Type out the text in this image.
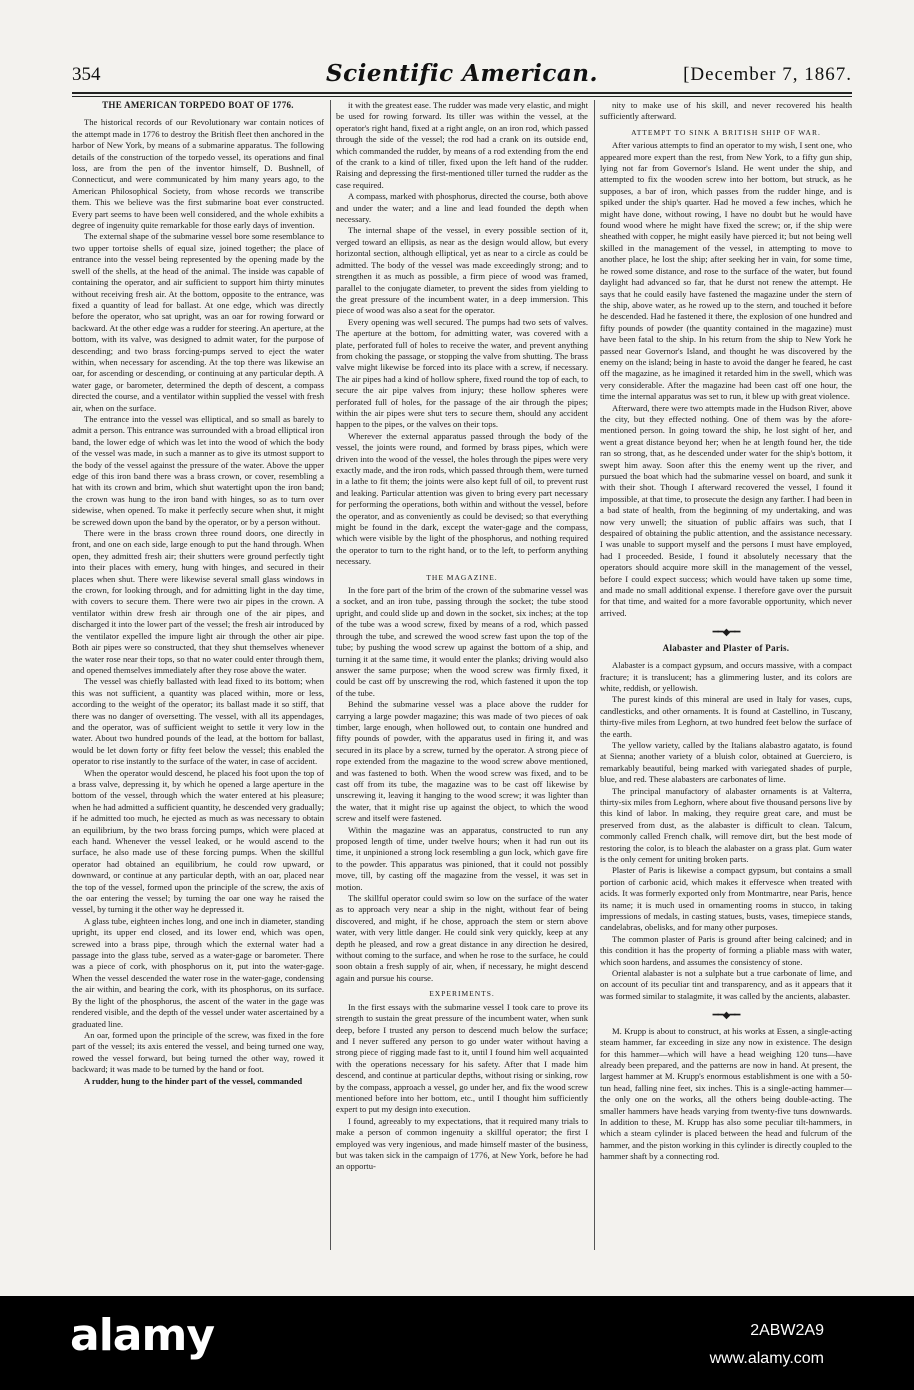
354	Scientific American.	[December 7, 1867.
THE AMERICAN TORPEDO BOAT OF 1776.

The historical records of our Revolutionary war contain notices of the attempt made in 1776 to destroy the British fleet then anchored in the harbor of New York, by means of a submarine apparatus. The following details of the construction of the torpedo vessel, its operations and final loss, are from the pen of the inventor himself, D. Bushnell, of Connecticut, and were communicated by him many years ago, to the American Philosophical Society, from whose records we transcribe them. This we believe was the first submarine boat ever constructed. Every part seems to have been well considered, and the whole exhibits a degree of ingenuity quite remarkable for those early days of invention.

The external shape of the submarine vessel bore some resemblance to two upper tortoise shells of equal size, joined together; the place of entrance into the vessel being represented by the opening made by the swell of the shells, at the head of the animal. The inside was capable of containing the operator, and air sufficient to support him thirty minutes without receiving fresh air. At the bottom, opposite to the entrance, was fixed a quantity of lead for ballast. At one edge, which was directly before the operator, who sat upright, was an oar for rowing forward or backward. At the other edge was a rudder for steering. An aperture, at the bottom, with its valve, was designed to admit water, for the purpose of descending; and two brass forcing-pumps served to eject the water within, when necessary for ascending. At the top there was likewise an oar, for ascending or descending, or continuing at any particular depth. A water gage, or barometer, determined the depth of descent, a compass directed the course, and a ventilator within supplied the vessel with fresh air, when on the surface.

The entrance into the vessel was elliptical, and so small as barely to admit a person. This entrance was surrounded with a broad elliptical iron band, the lower edge of which was let into the wood of which the body of the vessel was made, in such a manner as to give its utmost support to the body of the vessel against the pressure of the water. Above the upper edge of this iron band there was a brass crown, or cover, resembling a hat with its crown and brim, which shut watertight upon the iron band; the crown was hung to the iron band with hinges, so as to turn over sidewise, when opened. To make it perfectly secure when shut, it might be screwed down upon the band by the operator, or by a person without.

There were in the brass crown three round doors, one directly in front, and one on each side, large enough to put the hand through. When open, they admitted fresh air; their shutters were ground perfectly tight into their places with emery, hung with hinges, and secured in their places when shut. There were likewise several small glass windows in the crown, for looking through, and for admitting light in the day time, with covers to secure them. There were two air pipes in the crown. A ventilator within drew fresh air through one of the air pipes, and discharged it into the lower part of the vessel; the fresh air introduced by the ventilator expelled the impure light air through the other air pipe. Both air pipes were so constructed, that they shut themselves whenever the water rose near their tops, so that no water could enter through them, and opened themselves immediately after they rose above the water.

The vessel was chiefly ballasted with lead fixed to its bottom; when this was not sufficient, a quantity was placed within, more or less, according to the weight of the operator; its ballast made it so stiff, that there was no danger of oversetting. The vessel, with all its appendages, and the operator, was of sufficient weight to settle it very low in the water. About two hundred pounds of the lead, at the bottom for ballast, would be let down forty or fifty feet below the vessel; this enabled the operator to rise instantly to the surface of the water, in case of accident.

When the operator would descend, he placed his foot upon the top of a brass valve, depressing it, by which he opened a large aperture in the bottom of the vessel, through which the water entered at his pleasure; when he had admitted a sufficient quantity, he descended very gradually; if he admitted too much, he ejected as much as was necessary to obtain an equilibrium, by the two brass forcing pumps, which were placed at each hand. Whenever the vessel leaked, or he would ascend to the surface, he also made use of these forcing pumps. When the skillful operator had obtained an equilibrium, he could row upward, or downward, or continue at any particular depth, with an oar, placed near the top of the vessel, formed upon the principle of the screw, the axis of the oar entering the vessel; by turning the oar one way he raised the vessel, by turning it the other way he depressed it.

A glass tube, eighteen inches long, and one inch in diameter, standing upright, its upper end closed, and its lower end, which was open, screwed into a brass pipe, through which the external water had a passage into the glass tube, served as a water-gage or barometer. There was a piece of cork, with phosphorus on it, put into the water-gage. When the vessel descended the water rose in the water-gage, condensing the air within, and bearing the cork, with its phosphorus, on its surface. By the light of the phosphorus, the ascent of the water in the gage was rendered visible, and the depth of the vessel under water ascertained by a graduated line.

An oar, formed upon the principle of the screw, was fixed in the fore part of the vessel; its axis entered the vessel, and being turned one way, rowed the vessel forward, but being turned the other way, rowed it backward; it was made to be turned by the hand or foot.

A rudder, hung to the hinder part of the vessel, commanded

it with the greatest ease. The rudder was made very elastic, and might be used for rowing forward. Its tiller was within the vessel, at the operator's right hand, fixed at a right angle, on an iron rod, which passed through the side of the vessel; the rod had a crank on its outside end, which commanded the rudder, by means of a rod extending from the end of the crank to a kind of tiller, fixed upon the left hand of the rudder. Raising and depressing the first-mentioned tiller turned the rudder as the case required.

A compass, marked with phosphorus, directed the course, both above and under the water; and a line and lead founded the depth when necessary.

The internal shape of the vessel, in every possible section of it, verged toward an ellipsis, as near as the design would allow, but every horizontal section, although elliptical, yet as near to a circle as could be admitted. The body of the vessel was made exceedingly strong; and to strengthen it as much as possible, a firm piece of wood was framed, parallel to the conjugate diameter, to prevent the sides from yielding to the great pressure of the incumbent water, in a deep immersion. This piece of wood was also a seat for the operator.

Every opening was well secured. The pumps had two sets of valves. The aperture at the bottom, for admitting water, was covered with a plate, perforated full of holes to receive the water, and prevent anything from choking the passage, or stopping the valve from shutting. The brass valve might likewise be forced into its place with a screw, if necessary. The air pipes had a kind of hollow sphere, fixed round the top of each, to secure the air pipe valves from injury; these hollow spheres were perforated full of holes, for the passage of the air through the pipes; within the air pipes were shut ters to secure them, should any accident happen to the pipes, or the valves on their tops.

Wherever the external apparatus passed through the body of the vessel, the joints were round, and formed by brass pipes, which were driven into the wood of the vessel, the holes through the pipes were very exactly made, and the iron rods, which passed through them, were turned in a lathe to fit them; the joints were also kept full of oil, to prevent rust and leaking. Particular attention was given to bring every part necessary for performing the operations, both within and without the vessel, before the operator, and as conveniently as could be devised; so that everything might be found in the dark, except the water-gage and the compass, which were visible by the light of the phosphorus, and nothing required the operator to turn to the right hand, or to the left, to perform anything necessary.

THE MAGAZINE.

In the fore part of the brim of the crown of the submarine vessel was a socket, and an iron tube, passing through the socket; the tube stood upright, and could slide up and down in the socket, six inches; at the top of the tube was a wood screw, fixed by means of a rod, which passed through the tube, and screwed the wood screw fast upon the top of the tube; by pushing the wood screw up against the bottom of a ship, and turning it at the same time, it would enter the planks; driving would also answer the same purpose; when the wood screw was firmly fixed, it could be cast off by unscrewing the rod, which fastened it upon the top of the tube.

Behind the submarine vessel was a place above the rudder for carrying a large powder magazine; this was made of two pieces of oak timber, large enough, when hollowed out, to contain one hundred and fifty pounds of powder, with the apparatus used in firing it, and was secured in its place by a screw, turned by the operator. A strong piece of rope extended from the magazine to the wood screw above mentioned, and was fastened to both. When the wood screw was fixed, and to be cast off from its tube, the magazine was to be cast off likewise by unscrewing it, leaving it hanging to the wood screw; it was lighter than the water, that it might rise up against the object, to which the wood screw and itself were fastened.

Within the magazine was an apparatus, constructed to run any proposed length of time, under twelve hours; when it had run out its time, it unpinioned a strong lock resembling a gun lock, which gave fire to the powder. This apparatus was pinioned, that it could not possibly move, till, by casting off the magazine from the vessel, it was set in motion.

The skillful operator could swim so low on the surface of the water as to approach very near a ship in the night, without fear of being discovered, and might, if he chose, approach the stem or stern above water, with very little danger. He could sink very quickly, keep at any depth he pleased, and row a great distance in any direction he desired, without coming to the surface, and when he rose to the surface, he could soon obtain a fresh supply of air, when, if necessary, he might descend again and pursue his course.

EXPERIMENTS.

In the first essays with the submarine vessel I took care to prove its strength to sustain the great pressure of the incumbent water, when sunk deep, before I trusted any person to descend much below the surface; and I never suffered any person to go under water without having a strong piece of rigging made fast to it, until I found him well acquainted with the operations necessary for his safety. After that I made him descend, and continue at particular depths, without rising or sinking, row by the compass, approach a vessel, go under her, and fix the wood screw mentioned before into her bottom, etc., until I thought him sufficiently expert to put my design into execution.

I found, agreeably to my expectations, that it required many trials to make a person of common ingenuity a skillful operator; the first I employed was very ingenious, and made himself master of the business, but was taken sick in the campaign of 1776, at New York, before he had an opportu-

nity to make use of his skill, and never recovered his health sufficiently afterward.

ATTEMPT TO SINK A BRITISH SHIP OF WAR.

After various attempts to find an operator to my wish, I sent one, who appeared more expert than the rest, from New York, to a fifty gun ship, lying not far from Governor's Island. He went under the ship, and attempted to fix the wooden screw into her bottom, but struck, as he supposes, a bar of iron, which passes from the rudder hinge, and is spiked under the ship's quarter. Had he moved a few inches, which he might have done, without rowing, I have no doubt but he would have found wood where he might have fixed the screw; or, if the ship were sheathed with copper, he might easily have pierced it; but not being well skilled in the management of the vessel, in attempting to move to another place, he lost the ship; after seeking her in vain, for some time, he rowed some distance, and rose to the surface of the water, but found daylight had advanced so far, that he durst not renew the attempt. He says that he could easily have fastened the magazine under the stern of the ship, above water, as he rowed up to the stern, and touched it before he descended. Had he fastened it there, the explosion of one hundred and fifty pounds of powder (the quantity contained in the magazine) must have been fatal to the ship. In his return from the ship to New York he passed near Governor's Island, and thought he was discovered by the enemy on the island; being in haste to avoid the danger he feared, he cast off the magazine, as he imagined it retarded him in the swell, which was very considerable. After the magazine had been cast off one hour, the time the internal apparatus was set to run, it blew up with great violence.

Afterward, there were two attempts made in the Hudson River, above the city, but they effected nothing. One of them was by the afore-mentioned person. In going toward the ship, he lost sight of her, and went a great distance beyond her; when he at length found her, the tide ran so strong, that, as he descended under water for the ship's bottom, it swept him away. Soon after this the enemy went up the river, and pursued the boat which had the submarine vessel on board, and sunk it with their shot. Though I afterward recovered the vessel, I found it impossible, at that time, to prosecute the design any farther. I had been in a bad state of health, from the beginning of my undertaking, and was now very unwell; the situation of public affairs was such, that I despaired of obtaining the public attention, and the assistance necessary. I was unable to support myself and the persons I must have employed, had I proceeded. Beside, I found it absolutely necessary that the operators should acquire more skill in the management of the vessel, before I could expect success; which would have taken up some time, and made no small additional expense. I therefore gave over the pursuit for that time, and waited for a more favorable opportunity, which never arrived.

━━◆━━
Alabaster and Plaster of Paris.

Alabaster is a compact gypsum, and occurs massive, with a compact fracture; it is translucent; has a glimmering luster, and its colors are white, reddish, or yellowish.

The purest kinds of this mineral are used in Italy for vases, cups, candlesticks, and other ornaments. It is found at Castellino, in Tuscany, thirty-five miles from Leghorn, at two hundred feet below the surface of the earth.

The yellow variety, called by the Italians alabastro agatato, is found at Sienna; another variety of a bluish color, obtained at Guerciето, is remarkably beautiful, being marked with variegated shades of purple, blue, and red. These alabasters are carbonates of lime.

The principal manufactory of alabaster ornaments is at Valterra, thirty-six miles from Leghorn, where about five thousand persons live by this kind of labor. In making, they require great care, and must be preserved from dust, as the alabaster is difficult to clean. Talcum, commonly called French chalk, will remove dirt, but the best mode of restoring the color, is to bleach the alabaster on a grass plat. Gum water is the only cement for uniting broken parts.

Plaster of Paris is likewise a compact gypsum, but contains a small portion of carbonic acid, which makes it effervesce when treated with acids. It was formerly exported only from Montmartre, near Paris, hence its name; it is much used in ornamenting rooms in stucco, in taking impressions of medals, in casting statues, busts, vases, timepiece stands, candelabras, obelisks, and for many other purposes.

The common plaster of Paris is ground after being calcined; and in this condition it has the property of forming a pliable mass with water, which soon hardens, and assumes the consistency of stone.

Oriental alabaster is not a sulphate but a true carbonate of lime, and on account of its peculiar tint and transparency, and as it appears that it was formed similar to stalagmite, it was called by the ancients, alabaster.

━━◆━━

M. Krupp is about to construct, at his works at Essen, a single-acting steam hammer, far exceeding in size any now in existence. The design for this hammer—which will have a head weighing 120 tuns—have already been prepared, and the patterns are now in hand. At present, the largest hammer at M. Krupp's enormous establishment is one with a 50-tun head, falling nine feet, six inches. This is a single-acting hammer—the only one on the works, all the others being double-acting. The smaller hammers have heads varying from twenty-five tuns downwards. In addition to these, M. Krupp has also some peculiar tilt-hammers, in which a steam cylinder is placed between the head and fulcrum of the hammer, and the piston working in this cylinder is directly coupled to the hammer shaft by a connecting rod.

alamy	2ABW2A9
www.alamy.com
